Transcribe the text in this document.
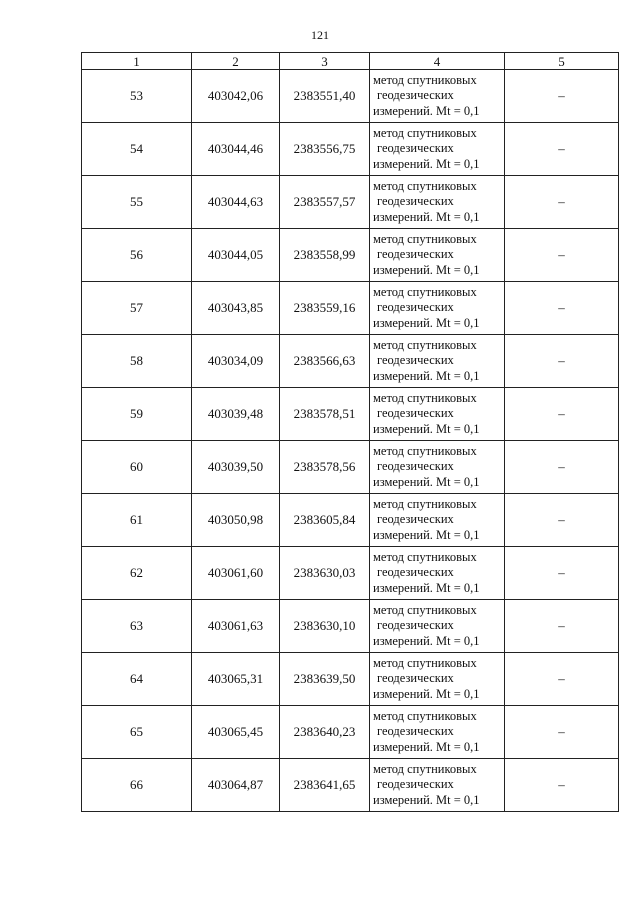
121
1	2	3	4	5
53	403042,06	2383551,40	метод спутниковых
геодезических
измерений. Mt = 0,1	–
54	403044,46	2383556,75	метод спутниковых
геодезических
измерений. Mt = 0,1	–
55	403044,63	2383557,57	метод спутниковых
геодезических
измерений. Mt = 0,1	–
56	403044,05	2383558,99	метод спутниковых
геодезических
измерений. Mt = 0,1	–
57	403043,85	2383559,16	метод спутниковых
геодезических
измерений. Mt = 0,1	–
58	403034,09	2383566,63	метод спутниковых
геодезических
измерений. Mt = 0,1	–
59	403039,48	2383578,51	метод спутниковых
геодезических
измерений. Mt = 0,1	–
60	403039,50	2383578,56	метод спутниковых
геодезических
измерений. Mt = 0,1	–
61	403050,98	2383605,84	метод спутниковых
геодезических
измерений. Mt = 0,1	–
62	403061,60	2383630,03	метод спутниковых
геодезических
измерений. Mt = 0,1	–
63	403061,63	2383630,10	метод спутниковых
геодезических
измерений. Mt = 0,1	–
64	403065,31	2383639,50	метод спутниковых
геодезических
измерений. Mt = 0,1	–
65	403065,45	2383640,23	метод спутниковых
геодезических
измерений. Mt = 0,1	–
66	403064,87	2383641,65	метод спутниковых
геодезических
измерений. Mt = 0,1	–
